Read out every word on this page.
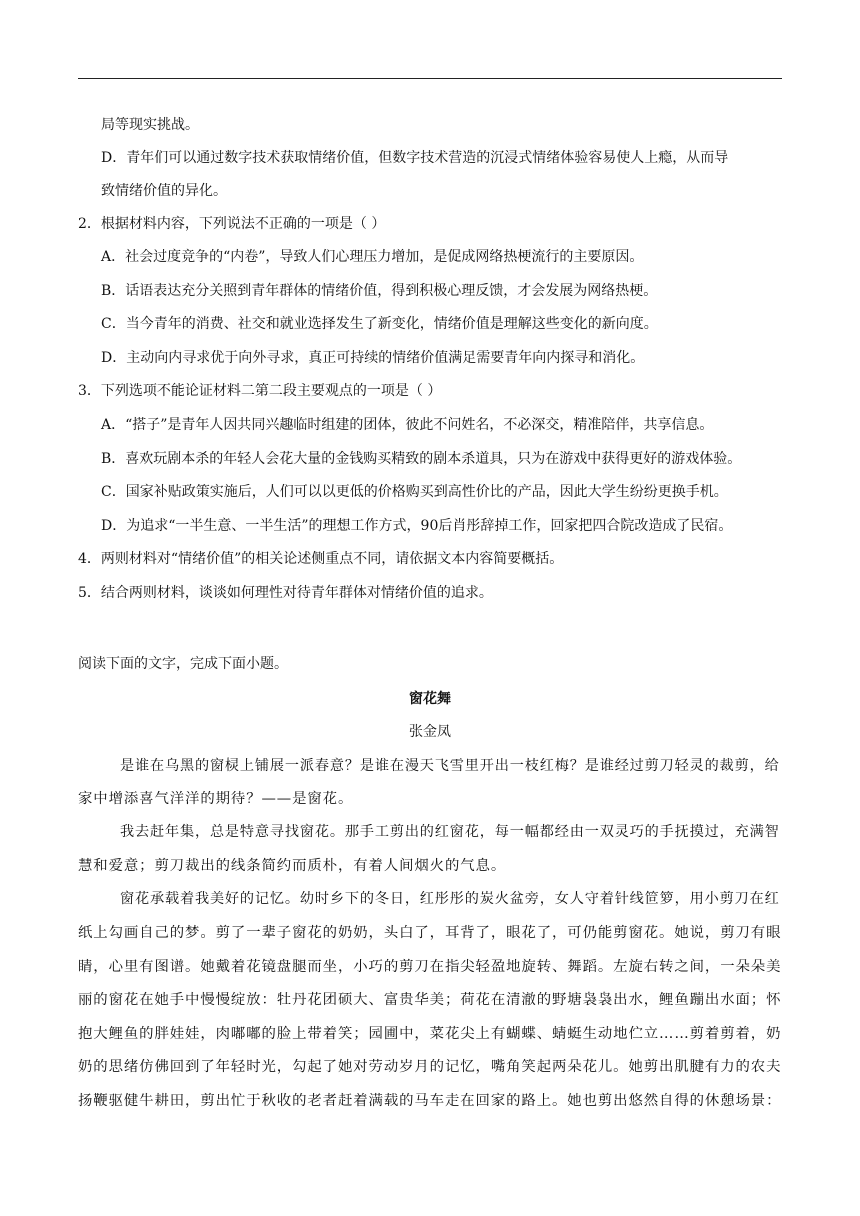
局等现实挑战。
D．青年们可以通过数字技术获取情绪价值，但数字技术营造的沉浸式情绪体验容易使人上瘾，从而导
致情绪价值的异化。
2．根据材料内容，下列说法不正确的一项是（ ）
A．社会过度竞争的“内卷”，导致人们心理压力增加，是促成网络热梗流行的主要原因。
B．话语表达充分关照到青年群体的情绪价值，得到积极心理反馈，才会发展为网络热梗。
C．当今青年的消费、社交和就业选择发生了新变化，情绪价值是理解这些变化的新向度。
D．主动向内寻求优于向外寻求，真正可持续的情绪价值满足需要青年向内探寻和消化。
3．下列选项不能论证材料二第二段主要观点的一项是（ ）
A．“搭子”是青年人因共同兴趣临时组建的团体，彼此不问姓名，不必深交，精准陪伴，共享信息。
B．喜欢玩剧本杀的年轻人会花大量的金钱购买精致的剧本杀道具，只为在游戏中获得更好的游戏体验。
C．国家补贴政策实施后，人们可以以更低的价格购买到高性价比的产品，因此大学生纷纷更换手机。
D．为追求“一半生意、一半生活”的理想工作方式，90后肖彤辞掉工作，回家把四合院改造成了民宿。
4．两则材料对“情绪价值”的相关论述侧重点不同，请依据文本内容简要概括。
5．结合两则材料，谈谈如何理性对待青年群体对情绪价值的追求。
阅读下面的文字，完成下面小题。
窗花舞
张金凤
是谁在乌黑的窗棂上铺展一派春意？是谁在漫天飞雪里开出一枝红梅？是谁经过剪刀轻灵的裁剪，给
家中增添喜气洋洋的期待？——是窗花。
我去赶年集，总是特意寻找窗花。那手工剪出的红窗花，每一幅都经由一双灵巧的手抚摸过，充满智
慧和爱意；剪刀裁出的线条简约而质朴，有着人间烟火的气息。
窗花承载着我美好的记忆。幼时乡下的冬日，红彤彤的炭火盆旁，女人守着针线笸箩，用小剪刀在红
纸上勾画自己的梦。剪了一辈子窗花的奶奶，头白了，耳背了，眼花了，可仍能剪窗花。她说，剪刀有眼
睛，心里有图谱。她戴着花镜盘腿而坐，小巧的剪刀在指尖轻盈地旋转、舞蹈。左旋右转之间，一朵朵美
丽的窗花在她手中慢慢绽放：牡丹花团硕大、富贵华美；荷花在清澈的野塘袅袅出水，鲤鱼蹦出水面；怀
抱大鲤鱼的胖娃娃，肉嘟嘟的脸上带着笑；园圃中，菜花尖上有蝴蝶、蜻蜓生动地伫立……剪着剪着，奶
奶的思绪仿佛回到了年轻时光，勾起了她对劳动岁月的记忆，嘴角笑起两朵花儿。她剪出肌腱有力的农夫
扬鞭驱健牛耕田，剪出忙于秋收的老者赶着满载的马车走在回家的路上。她也剪出悠然自得的休憩场景：
